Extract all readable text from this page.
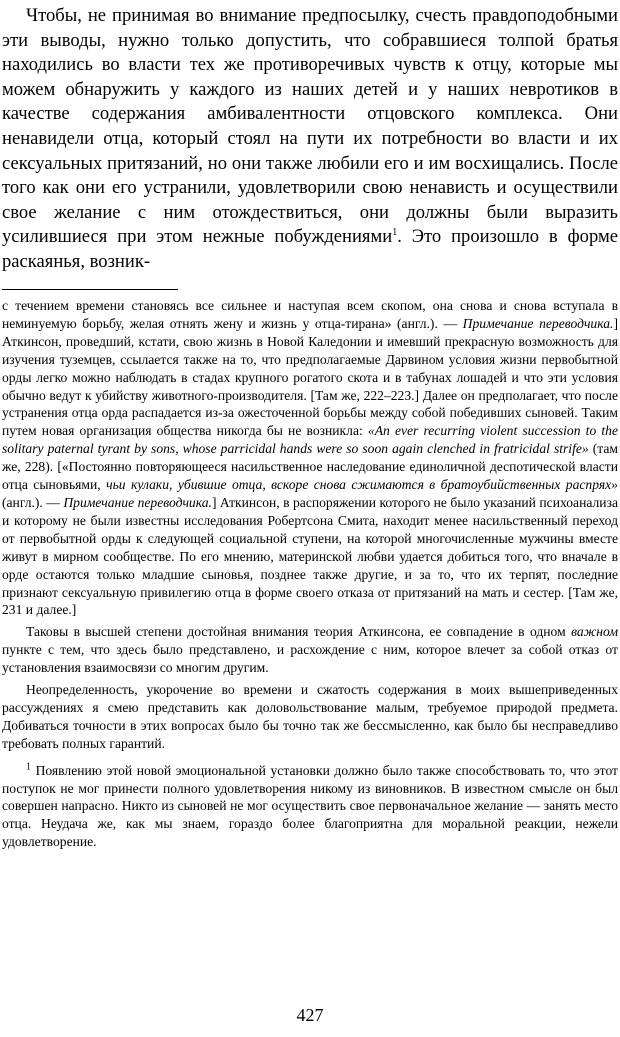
Чтобы, не принимая во внимание предпосылку, счесть правдоподобными эти выводы, нужно только допустить, что собравшиеся толпой братья находились во власти тех же противоречивых чувств к отцу, которые мы можем обнаружить у каждого из наших детей и у наших невротиков в качестве содержания амбивалентности отцовского комплекса. Они ненавидели отца, который стоял на пути их потребности во власти и их сексуальных притязаний, но они также любили его и им восхищались. После того как они его устранили, удовлетворили свою ненависть и осуществили свое желание с ним отождествиться, они должны были выразить усилившиеся при этом нежные побуждениями$^1$. Это произошло в форме раскаянья, возник-

с течением времени становясь все сильнее и наступая всем скопом, она снова и снова вступала в неминуемую борьбу, желая отнять жену и жизнь у отца-тирана» (англ.). — Примечание переводчика.] Аткинсон, проведший, кстати, свою жизнь в Новой Каледонии и имевший прекрасную возможность для изучения туземцев, ссылается также на то, что предполагаемые Дарвином условия жизни первобытной орды легко можно наблюдать в стадах крупного рогатого скота и в табунах лошадей и что эти условия обычно ведут к убийству животного-производителя. [Там же, 222–223.] Далее он предполагает, что после устранения отца орда распадается из-за ожесточенной борьбы между собой победивших сыновей. Таким путем новая организация общества никогда бы не возникла: «An ever recurring violent succession to the solitary paternal tyrant by sons, whose parricidal hands were so soon again clenched in fratricidal strife» (там же, 228). [«Постоянно повторяющееся насильственное наследование единоличной деспотической власти отца сыновьями, чьи кулаки, убившие отца, вскоре снова сжимаются в братоубийственных распрях» (англ.). — Примечание переводчика.] Аткинсон, в распоряжении которого не было указаний психоанализа и которому не были известны исследования Робертсона Смита, находит менее насильственный переход от первобытной орды к следующей социальной ступени, на которой многочисленные мужчины вместе живут в мирном сообществе. По его мнению, материнской любви удается добиться того, что вначале в орде остаются только младшие сыновья, позднее также другие, и за то, что их терпят, последние признают сексуальную привилегию отца в форме своего отказа от притязаний на мать и сестер. [Там же, 231 и далее.]

Таковы в высшей степени достойная внимания теория Аткинсона, ее совпадение в одном важном пункте с тем, что здесь было представлено, и расхождение с ним, которое влечет за собой отказ от установления взаимосвязи со многим другим.

Неопределенность, укорочение во времени и сжатость содержания в моих вышеприведенных рассуждениях я смею представить как доловольствование малым, требуемое природой предмета. Добиваться точности в этих вопросах было бы точно так же бессмысленно, как было бы несправедливо требовать полных гарантий.

$^1$ Появлению этой новой эмоциональной установки должно было также способствовать то, что этот поступок не мог принести полного удовлетворения никому из виновников. В известном смысле он был совершен напрасно. Никто из сыновей не мог осуществить свое первоначальное желание — занять место отца. Неудача же, как мы знаем, гораздо более благоприятна для моральной реакции, нежели удовлетворение.

427
